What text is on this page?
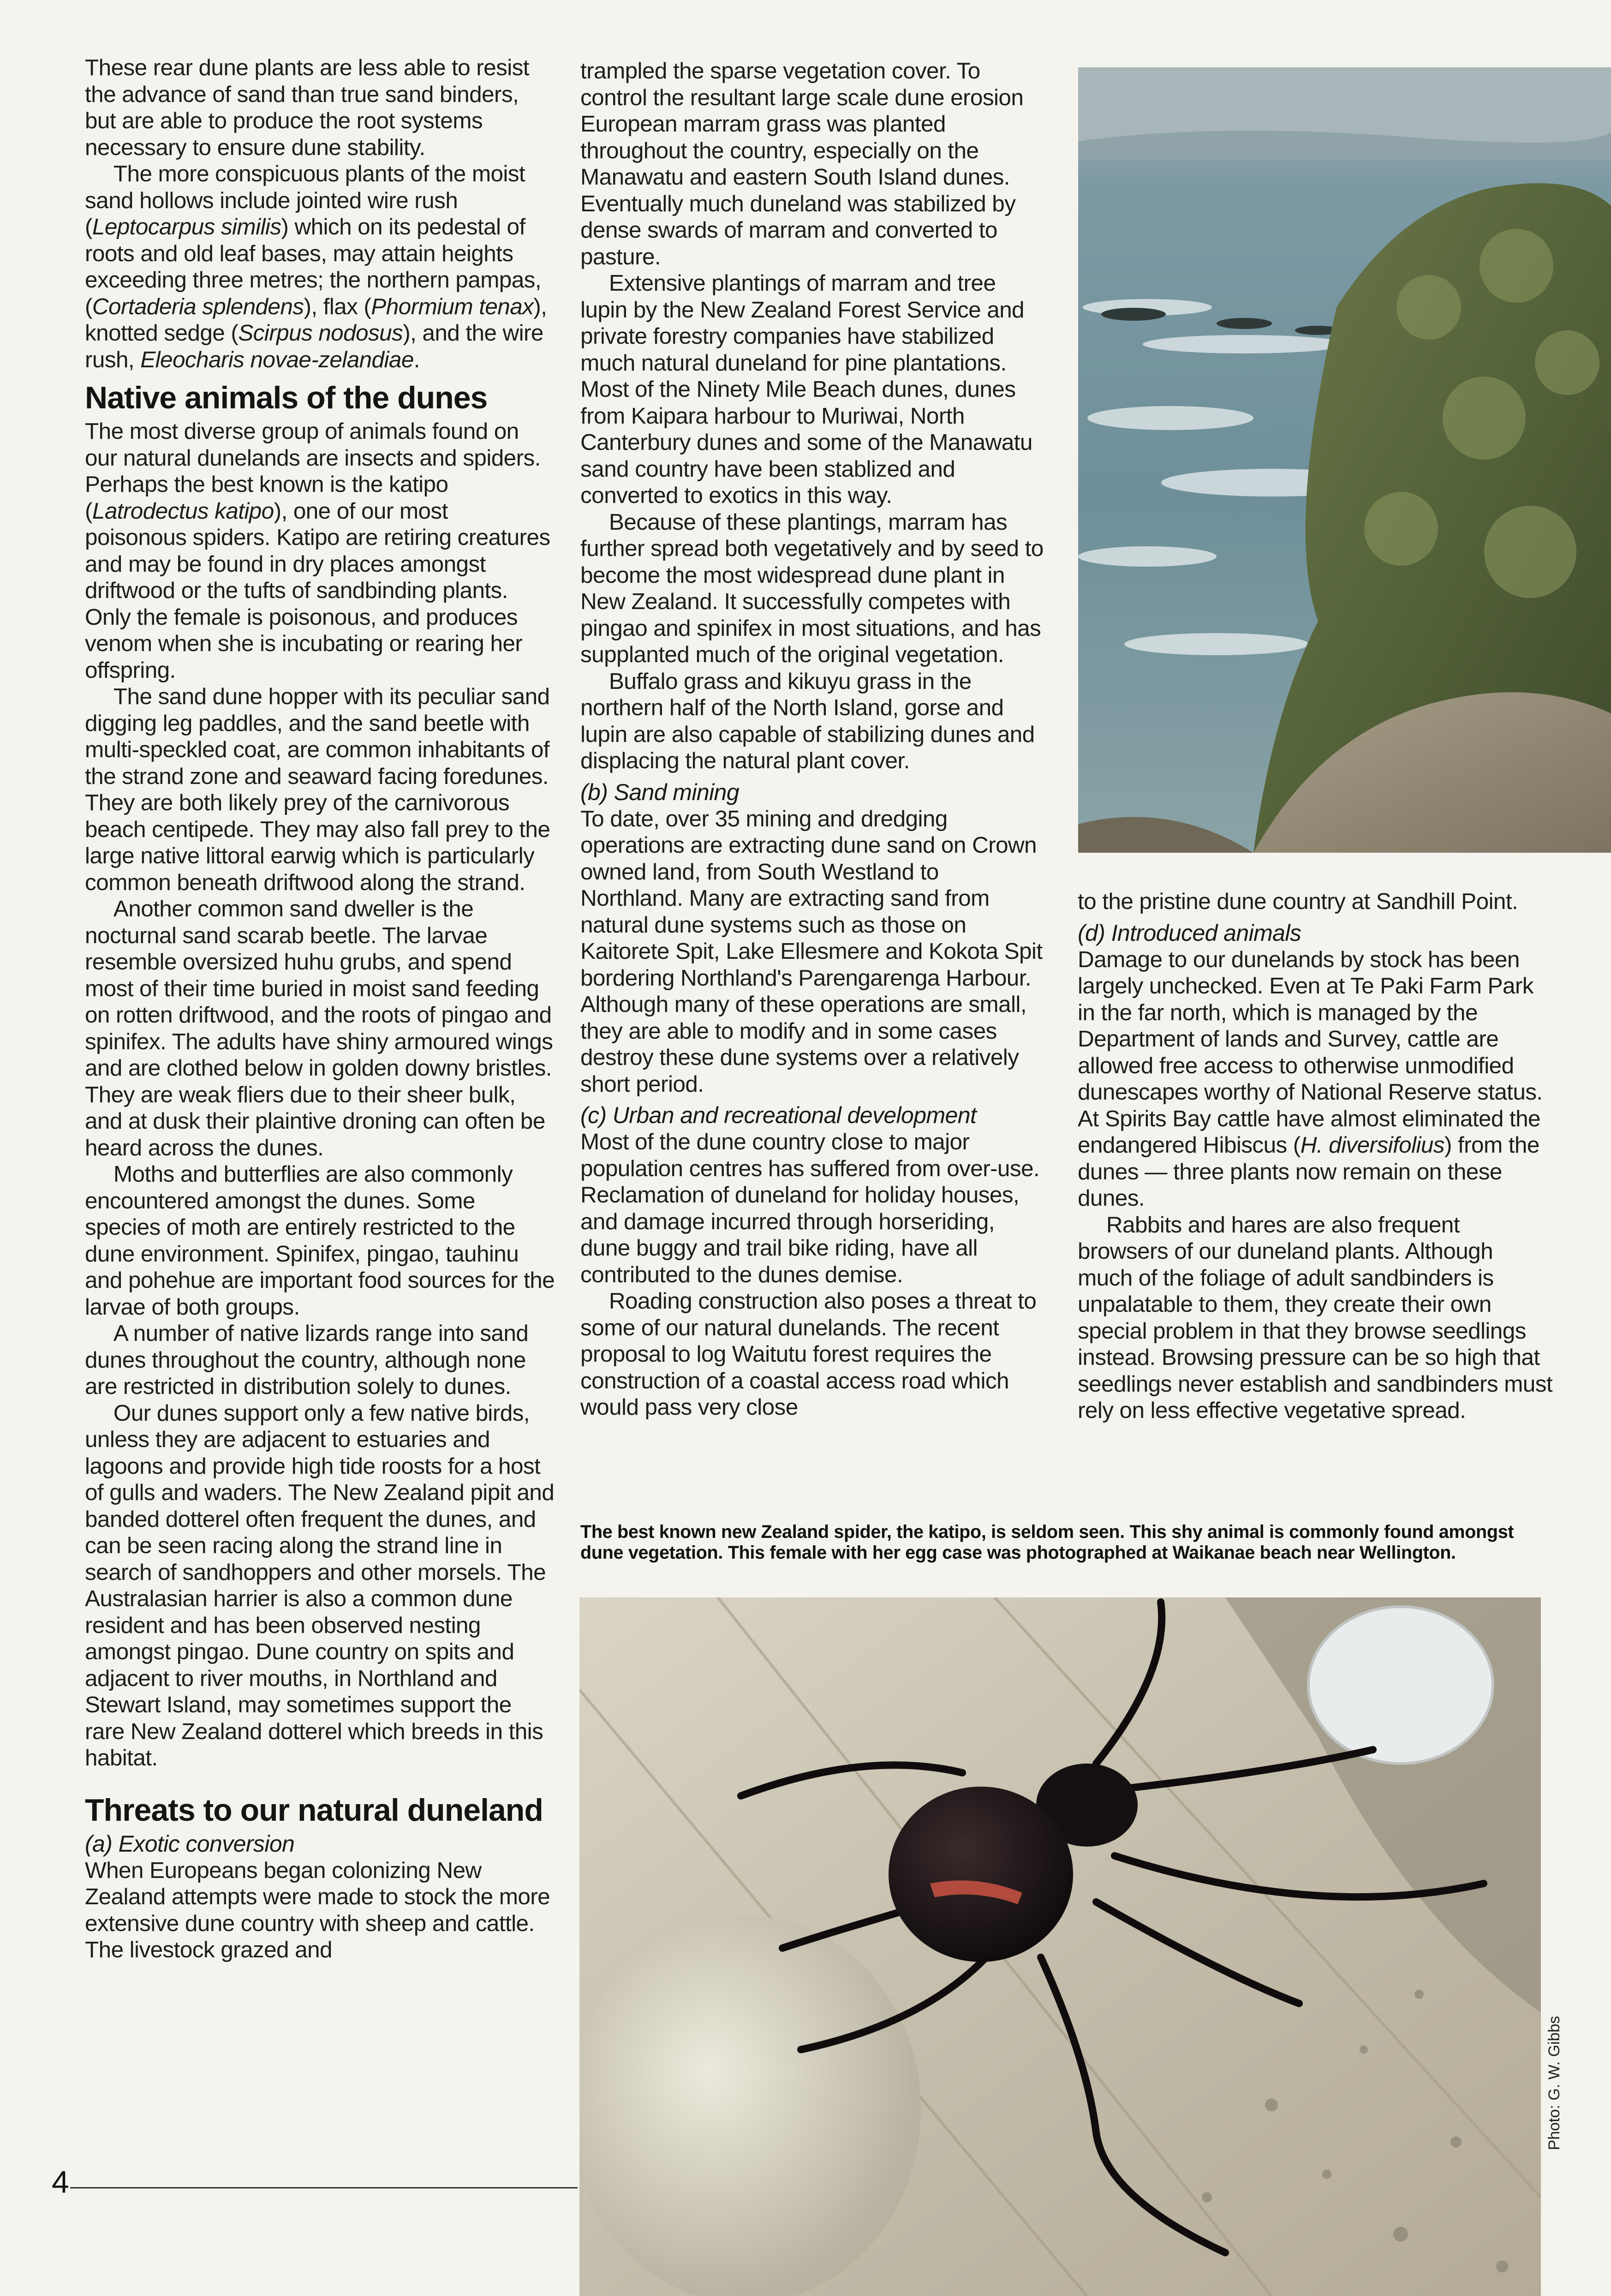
These rear dune plants are less able to resist the advance of sand than true sand binders, but are able to produce the root systems necessary to ensure dune stability.

The more conspicuous plants of the moist sand hollows include jointed wire rush (Leptocarpus similis) which on its pedestal of roots and old leaf bases, may attain heights exceeding three metres; the northern pampas, (Cortaderia splendens), flax (Phormium tenax), knotted sedge (Scirpus nodosus), and the wire rush, Eleocharis novae-zelandiae.

Native animals of the dunes

The most diverse group of animals found on our natural dunelands are insects and spiders. Perhaps the best known is the katipo (Latrodectus katipo), one of our most poisonous spiders. Katipo are retiring creatures and may be found in dry places amongst driftwood or the tufts of sandbinding plants. Only the female is poisonous, and produces venom when she is incubating or rearing her offspring.

The sand dune hopper with its peculiar sand digging leg paddles, and the sand beetle with multi-speckled coat, are common inhabitants of the strand zone and seaward facing foredunes. They are both likely prey of the carnivorous beach centipede. They may also fall prey to the large native littoral earwig which is particularly common beneath driftwood along the strand.

Another common sand dweller is the nocturnal sand scarab beetle. The larvae resemble oversized huhu grubs, and spend most of their time buried in moist sand feeding on rotten driftwood, and the roots of pingao and spinifex. The adults have shiny armoured wings and are clothed below in golden downy bristles. They are weak fliers due to their sheer bulk, and at dusk their plaintive droning can often be heard across the dunes.

Moths and butterflies are also commonly encountered amongst the dunes. Some species of moth are entirely restricted to the dune environment. Spinifex, pingao, tauhinu and pohehue are important food sources for the larvae of both groups.

A number of native lizards range into sand dunes throughout the country, although none are restricted in distribution solely to dunes.

Our dunes support only a few native birds, unless they are adjacent to estuaries and lagoons and provide high tide roosts for a host of gulls and waders. The New Zealand pipit and banded dotterel often frequent the dunes, and can be seen racing along the strand line in search of sandhoppers and other morsels. The Australasian harrier is also a common dune resident and has been observed nesting amongst pingao. Dune country on spits and adjacent to river mouths, in Northland and Stewart Island, may sometimes support the rare New Zealand dotterel which breeds in this habitat.

Threats to our natural duneland
(a) Exotic conversion

When Europeans began colonizing New Zealand attempts were made to stock the more extensive dune country with sheep and cattle. The livestock grazed and

trampled the sparse vegetation cover. To control the resultant large scale dune erosion European marram grass was planted throughout the country, especially on the Manawatu and eastern South Island dunes. Eventually much duneland was stabilized by dense swards of marram and converted to pasture.

Extensive plantings of marram and tree lupin by the New Zealand Forest Service and private forestry companies have stabilized much natural duneland for pine plantations. Most of the Ninety Mile Beach dunes, dunes from Kaipara harbour to Muriwai, North Canterbury dunes and some of the Manawatu sand country have been stablized and converted to exotics in this way.

Because of these plantings, marram has further spread both vegetatively and by seed to become the most widespread dune plant in New Zealand. It successfully competes with pingao and spinifex in most situations, and has supplanted much of the original vegetation.

Buffalo grass and kikuyu grass in the northern half of the North Island, gorse and lupin are also capable of stabilizing dunes and displacing the natural plant cover.

(b) Sand mining

To date, over 35 mining and dredging operations are extracting dune sand on Crown owned land, from South Westland to Northland. Many are extracting sand from natural dune systems such as those on Kaitorete Spit, Lake Ellesmere and Kokota Spit bordering Northland's Parengarenga Harbour. Although many of these operations are small, they are able to modify and in some cases destroy these dune systems over a relatively short period.

(c) Urban and recreational development

Most of the dune country close to major population centres has suffered from over-use. Reclamation of duneland for holiday houses, and damage incurred through horseriding, dune buggy and trail bike riding, have all contributed to the dunes demise.

Roading construction also poses a threat to some of our natural dunelands. The recent proposal to log Waitutu forest requires the construction of a coastal access road which would pass very close

to the pristine dune country at Sandhill Point.

(d) Introduced animals

Damage to our dunelands by stock has been largely unchecked. Even at Te Paki Farm Park in the far north, which is managed by the Department of lands and Survey, cattle are allowed free access to otherwise unmodified dunescapes worthy of National Reserve status. At Spirits Bay cattle have almost eliminated the endangered Hibiscus (H. diversifolius) from the dunes — three plants now remain on these dunes.

Rabbits and hares are also frequent browsers of our duneland plants. Although much of the foliage of adult sandbinders is unpalatable to them, they create their own special problem in that they browse seedlings instead. Browsing pressure can be so high that seedlings never establish and sandbinders must rely on less effective vegetative spread.

The best known new Zealand spider, the katipo, is seldom seen. This shy animal is commonly found amongst dune vegetation. This female with her egg case was photographed at Waikanae beach near Wellington.
Photo: G. W. Gibbs
4
